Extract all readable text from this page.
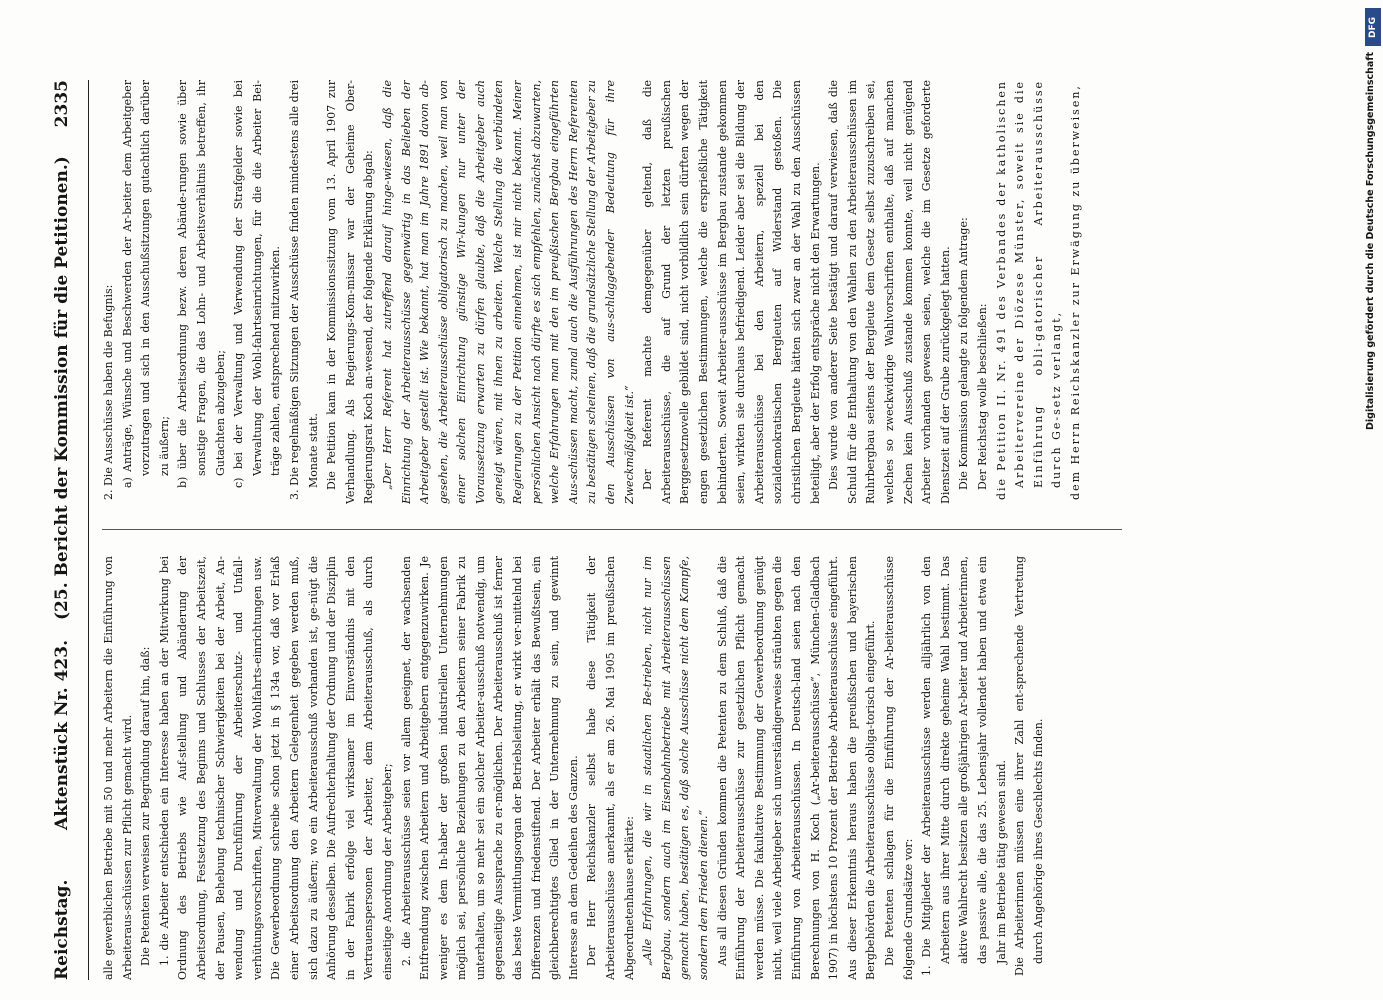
Reichstag.
Aktenstück Nr. 423.
(25. Bericht der Kommission für die Petitionen.)
2335

alle gewerblichen Betriebe mit 50 und mehr Arbeitern die Einführung von Arbeiteraus-schüssen zur Pflicht gemacht wird. Die Petenten verweisen zur Begründung darauf hin, daß: 1. die Arbeiter entschieden ein Interesse haben an der Mitwirkung bei Ordnung des Betriebs wie Auf-stellung und Abänderung der Arbeitsordnung, Festsetzung des Beginns und Schlusses der Arbeitszeit, der Pausen, Behebung technischer Schwierigkeiten bei der Arbeit, An-wendung und Durchführung der Arbeiterschutz- und Unfall-verhütungsvorschriften, Mitverwaltung der Wohlfahrts-einrichtungen usw. Die Gewerbeordnung schreibe schon jetzt in § 134a vor, daß vor Erlaß einer Arbeitsordnung den Arbeitern Gelegenheit gegeben werden muß, sich dazu zu äußern; wo ein Arbeiterausschuß vorhanden ist, ge-nügt die Anhörung desselben. Die Aufrechterhaltung der Ordnung und der Disziplin in der Fabrik erfolge viel wirksamer im Einverständnis mit den Vertrauenspersonen der Arbeiter, dem Arbeiterausschuß, als durch einseitige Anordnung der Arbeitgeber; 2. die Arbeiterausschüsse seien vor allem geeignet, der wachsenden Entfremdung zwischen Arbeitern und Arbeitgebern entgegenzuwirken. Je weniger es dem In-haber der großen industriellen Unternehmungen möglich sei, persönliche Beziehungen zu den Arbeitern seiner Fabrik zu unterhalten, um so mehr sei ein solcher Arbeiter-ausschuß notwendig, um gegenseitige Aussprache zu er-möglichen. Der Arbeiterausschuß ist ferner das beste Vermittlungsorgan der Betriebsleitung, er wirkt ver-mittelnd bei Differenzen und friedenstiftend. Der Arbeiter erhält das Bewußtsein, ein gleichberechtigtes Glied in der Unternehmung zu sein, und gewinnt Interesse an dem Gedeihen des Ganzen. Der Herr Reichskanzler selbst habe diese Tätigkeit der Arbeiterausschüsse anerkannt, als er am 26. Mai 1905 im preußischen Abgeordnetenhause erklärte: „Alle Erfahrungen, die wir in staatlichen Be-trieben, nicht nur im Bergbau, sondern auch im Eisenbahnbetriebe mit Arbeiterausschüssen gemacht haben, bestätigen es, daß solche Ausschüsse nicht dem Kampfe, sondern dem Frieden dienen.“ Aus all diesen Gründen kommen die Petenten zu dem Schluß, daß die Einführung der Arbeiterausschüsse zur gesetzlichen Pflicht gemacht werden müsse. Die fakultative Bestimmung der Gewerbeordnung genügt nicht, weil viele Arbeitgeber sich unverständigerweise sträubten gegen die Einführung von Arbeiterausschüssen. In Deutsch-land seien nach den Berechnungen von H. Koch („Ar-beiterausschüsse“, München-Gladbach 1907) in höchstens 10 Prozent der Betriebe Arbeiterausschüsse eingeführt. Aus dieser Erkenntnis heraus haben die preußischen und bayerischen Bergbehörden die Arbeiterausschüsse obliga-torisch eingeführt. Die Petenten schlagen für die Einführung der Ar-beiterausschüsse folgende Grundsätze vor: 1. Die Mitglieder der Arbeiterausschüsse werden alljährlich von den Arbeitern aus ihrer Mitte durch direkte geheime Wahl bestimmt. Das aktive Wahlrecht besitzen alle großjährigen Ar-beiter und Arbeiterinnen, das passive alle, die das 25. Lebensjahr vollendet haben und etwa ein Jahr im Betriebe tätig gewesen sind. Die Arbeiterinnen müssen eine ihrer Zahl ent-sprechende Vertretung durch Angehörige ihres Geschlechts finden.

2. Die Ausschüsse haben die Befugnis: a) Anträge, Wünsche und Beschwerden der Ar-beiter dem Arbeitgeber vorzutragen und sich in den Ausschußsitzungen gutachtlich darüber zu äußern; b) über die Arbeitsordnung bezw. deren Abände-rungen sowie über sonstige Fragen, die das Lohn- und Arbeitsverhältnis betreffen, ihr Gutachten abzugeben; c) bei der Verwaltung und Verwendung der Strafgelder sowie bei Verwaltung der Wohl-fahrtseinrichtungen, für die die Arbeiter Bei-träge zahlen, entsprechend mitzuwirken. 3. Die regelmäßigen Sitzungen der Ausschüsse finden mindestens alle drei Monate statt. Die Petition kam in der Kommissionssitzung vom 13. April 1907 zur Verhandlung. Als Regierungs-Kom-missar war der Geheime Ober-Regierungsrat Koch an-wesend, der folgende Erklärung abgab: „Der Herr Referent hat zutreffend darauf hinge-wiesen, daß die Einrichtung der Arbeiterausschüsse gegenwärtig in das Belieben der Arbeitgeber gestellt ist. Wie bekannt, hat man im Jahre 1891 davon ab-gesehen, die Arbeiterausschüsse obligatorisch zu machen, weil man von einer solchen Einrichtung günstige Wir-kungen nur unter der Voraussetzung erwarten zu dürfen glaubte, daß die Arbeitgeber auch geneigt wären, mit ihnen zu arbeiten. Welche Stellung die verbündeten Regierungen zu der Petition einnehmen, ist mir nicht bekannt. Meiner persönlichen Ansicht nach dürfte es sich empfehlen, zunächst abzuwarten, welche Erfahrungen man mit den im preußischen Bergbau eingeführten Aus-schüssen macht, zumal auch die Ausführungen des Herrn Referenten zu bestätigen scheinen, daß die grundsätzliche Stellung der Arbeitgeber zu den Ausschüssen von aus-schlaggebender Bedeutung für ihre Zweckmäßigkeit ist.“ Der Referent machte demgegenüber geltend, daß die Arbeiterausschüsse, die auf Grund der letzten preußischen Berggesetznovelle gebildet sind, nicht vorbildlich sein dürften wegen der engen gesetzlichen Bestimmungen, welche die ersprießliche Tätigkeit behinderten. Soweit Arbeiter-ausschüsse im Bergbau zustande gekommen seien, wirkten sie durchaus befriedigend. Leider aber sei die Bildung der Arbeiterausschüsse bei den Arbeitern, speziell bei den sozialdemokratischen Bergleuten auf Widerstand gestoßen. Die christlichen Bergleute hätten sich zwar an der Wahl zu den Ausschüssen beteiligt, aber der Erfolg entspräche nicht den Erwartungen. Dies wurde von anderer Seite bestätigt und darauf verwiesen, daß die Schuld für die Enthaltung von den Wahlen zu den Arbeiterausschüssen im Ruhrbergbau seitens der Bergleute dem Gesetz selbst zuzuschreiben sei, welches so zweckwidrige Wahlvorschriften enthalte, daß auf manchen Zechen kein Ausschuß zustande kommen konnte, weil nicht genügend Arbeiter vorhanden gewesen seien, welche die im Gesetze geforderte Dienstzeit auf der Grube zurückgelegt hatten. Die Kommission gelangte zu folgendem Antrage: Der Reichstag wolle beschließen: die Petition II. Nr. 491 des Verbandes der katholischen Arbeitervereine der Diözese Münster, soweit sie die Einführung obli-gatorischer Arbeiterausschüsse durch Ge-setz verlangt, dem Herrn Reichskanzler zur Erwägung zu überweisen,

DFG
Digitalisierung gefördert durch die Deutsche Forschungsgemeinschaft
